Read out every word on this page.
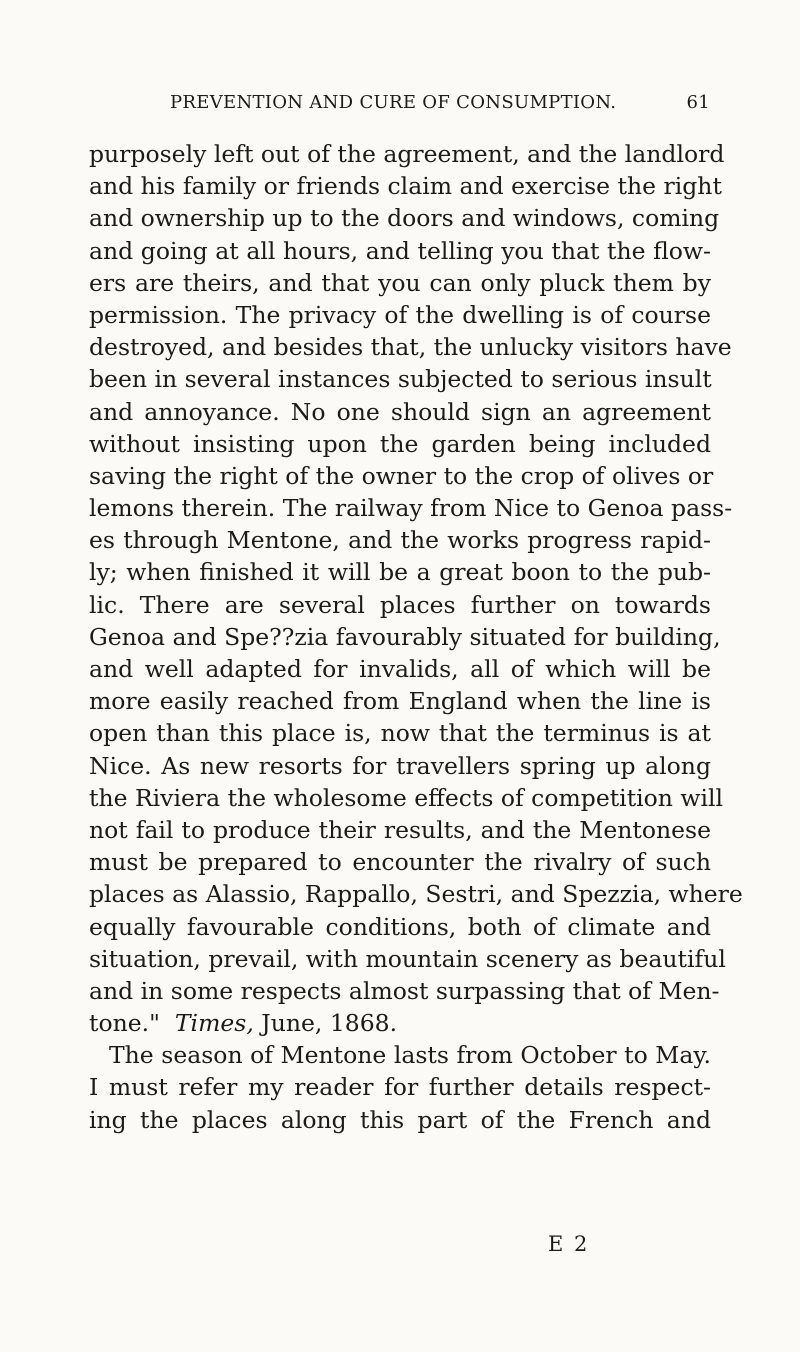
PREVENTION AND CURE OF CONSUMPTION.	61
purposely left out of the agreement, and the landlord
and his family or friends claim and exercise the right
and ownership up to the doors and windows, coming
and going at all hours, and telling you that the flow-
ers are theirs, and that you can only pluck them by
permission. The privacy of the dwelling is of course
destroyed, and besides that, the unlucky visitors have
been in several instances subjected to serious insult
and annoyance. No one should sign an agreement
without insisting upon the garden being included
saving the right of the owner to the crop of olives or
lemons therein. The railway from Nice to Genoa pass-
es through Mentone, and the works progress rapid-
ly; when finished it will be a great boon to the pub-
lic. There are several places further on towards
Genoa and Spe??zia favourably situated for building,
and well adapted for invalids, all of which will be
more easily reached from England when the line is
open than this place is, now that the terminus is at
Nice. As new resorts for travellers spring up along
the Riviera the wholesome effects of competition will
not fail to produce their results, and the Mentonese
must be prepared to encounter the rivalry of such
places as Alassio, Rappallo, Sestri, and Spezzia, where
equally favourable conditions, both of climate and
situation, prevail, with mountain scenery as beautiful
and in some respects almost surpassing that of Men-
tone." Times, June, 1868.
The season of Mentone lasts from October to May.
I must refer my reader for further details respect-
ing the places along this part of the French and
E 2
